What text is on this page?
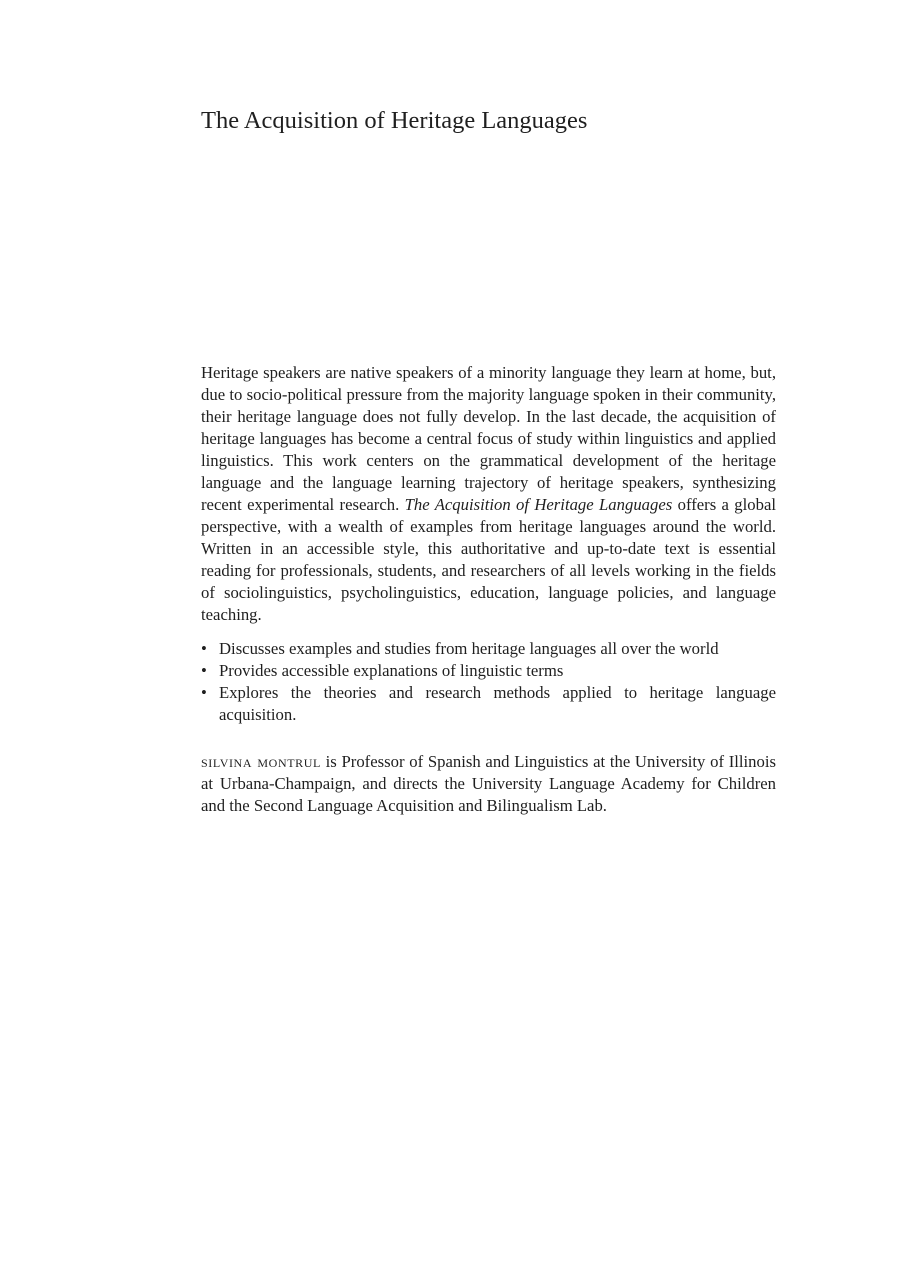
The Acquisition of Heritage Languages

Heritage speakers are native speakers of a minority language they learn at home, but, due to socio-political pressure from the majority language spoken in their community, their heritage language does not fully develop. In the last decade, the acquisition of heritage languages has become a central focus of study within linguistics and applied linguistics. This work centers on the grammatical development of the heritage language and the language learning trajectory of heritage speakers, synthesizing recent experimental research. The Acquisition of Heritage Languages offers a global perspective, with a wealth of examples from heritage languages around the world. Written in an accessible style, this authoritative and up-to-date text is essential reading for professionals, students, and researchers of all levels working in the fields of sociolinguistics, psycholinguistics, education, language policies, and language teaching.

• Discusses examples and studies from heritage languages all over the world
• Provides accessible explanations of linguistic terms
• Explores the theories and research methods applied to heritage language acquisition.

silvina montrul is Professor of Spanish and Linguistics at the University of Illinois at Urbana-Champaign, and directs the University Language Academy for Children and the Second Language Acquisition and Bilingualism Lab.
